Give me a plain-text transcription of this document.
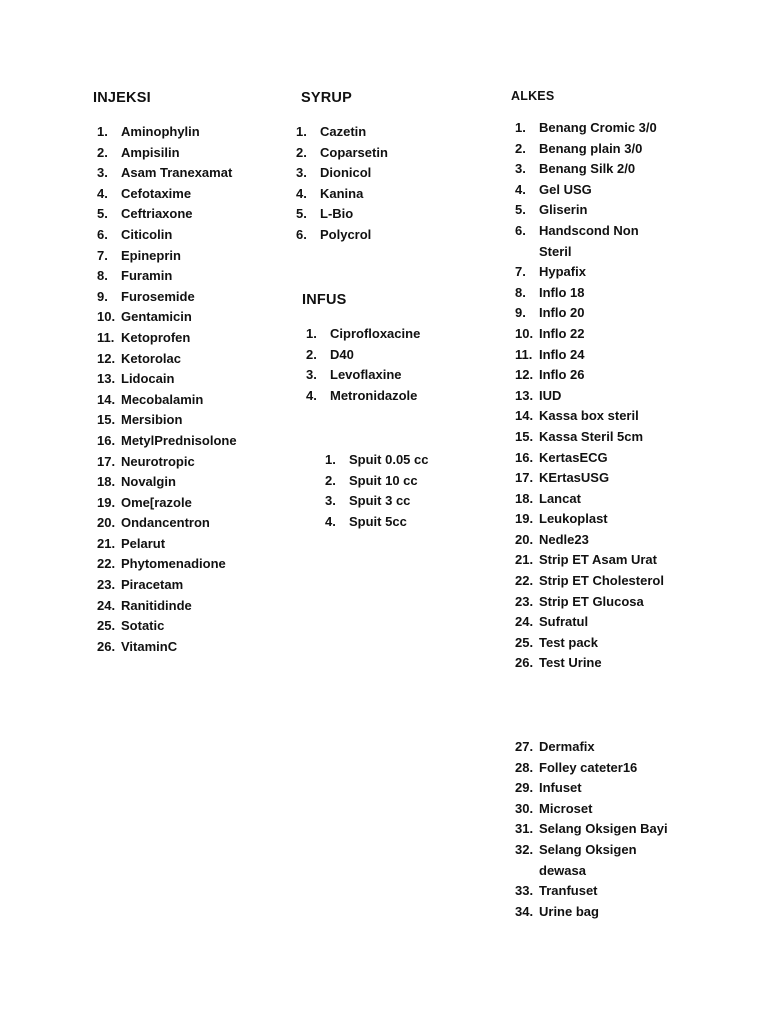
INJEKSI
1.	Aminophylin
2.	Ampisilin
3.	Asam Tranexamat
4.	Cefotaxime
5.	Ceftriaxone
6.	Citicolin
7.	Epineprin
8.	Furamin
9.	Furosemide
10. Gentamicin
11. Ketoprofen
12. Ketorolac
13. Lidocain
14. Mecobalamin
15. Mersibion
16. MetylPrednisolone
17. Neurotropic
18. Novalgin
19. Ome[razole
20. Ondancentron
21. Pelarut
22. Phytomenadione
23. Piracetam
24. Ranitidinde
25. Sotatic
26. VitaminC
SYRUP
1. Cazetin
2. Coparsetin
3. Dionicol
4. Kanina
5. L-Bio
6. Polycrol
INFUS
1. Ciprofloxacine
2. D40
3. Levoflaxine
4. Metronidazole
1. Spuit 0.05 cc
2. Spuit 10 cc
3. Spuit 3 cc
4. Spuit 5cc
ALKES
1. Benang Cromic 3/0
2. Benang plain 3/0
3. Benang Silk 2/0
4. Gel USG
5. Gliserin
6. Handscond Non Steril
7. Hypafix
8. Inflo 18
9. Inflo 20
10. Inflo 22
11. Inflo 24
12. Inflo 26
13. IUD
14. Kassa box steril
15. Kassa Steril 5cm
16. KertasECG
17. KErtasUSG
18. Lancat
19. Leukoplast
20. Nedle23
21. Strip ET Asam Urat
22. Strip ET Cholesterol
23. Strip ET Glucosa
24. Sufratul
25. Test pack
26. Test Urine
27. Dermafix
28. Folley cateter16
29. Infuset
30. Microset
31. Selang Oksigen Bayi
32. Selang Oksigen dewasa
33. Tranfuset
34. Urine bag
